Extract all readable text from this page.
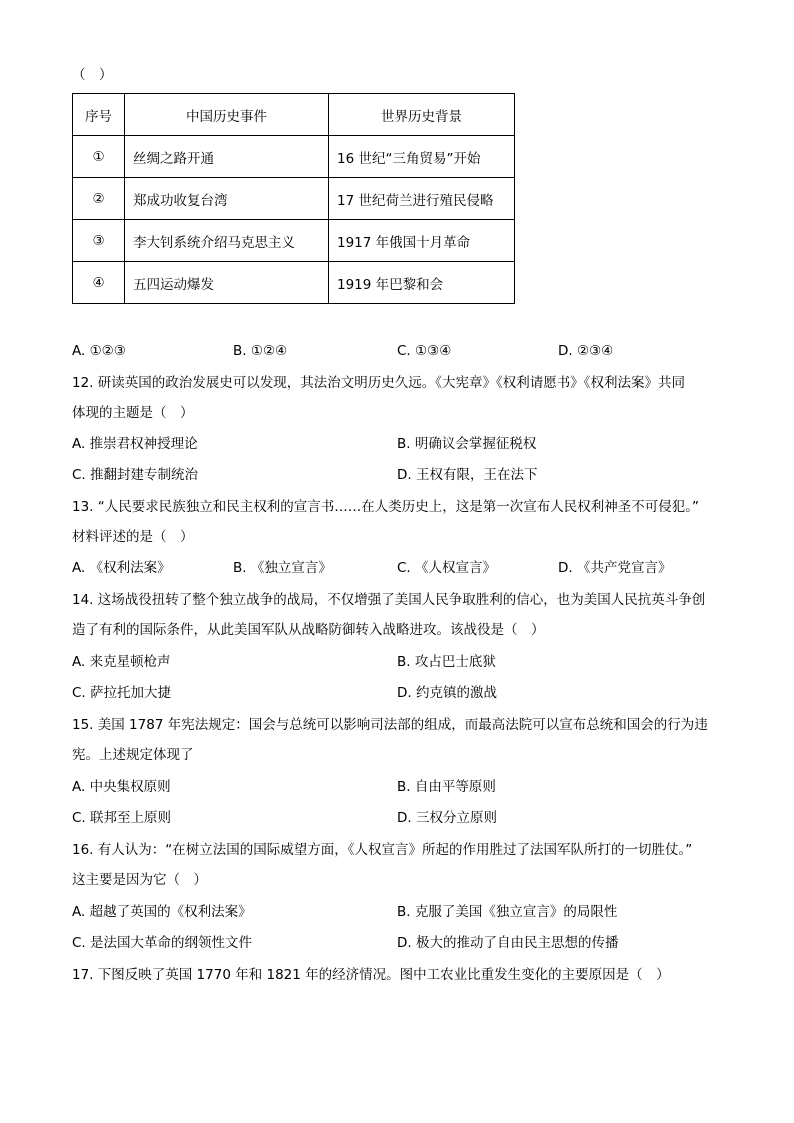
（　）
序号	中国历史事件	世界历史背景
①	丝绸之路开通	16 世纪“三角贸易”开始
②	郑成功收复台湾	17 世纪荷兰进行殖民侵略
③	李大钊系统介绍马克思主义	1917 年俄国十月革命
④	五四运动爆发	1919 年巴黎和会
A. ①②③	B. ①②④	C. ①③④	D. ②③④
12. 研读英国的政治发展史可以发现，其法治文明历史久远。《大宪章》《权利请愿书》《权利法案》共同
体现的主题是（　）
A. 推崇君权神授理论	B. 明确议会掌握征税权
C. 推翻封建专制统治	D. 王权有限，王在法下
13. “人民要求民族独立和民主权利的宣言书……在人类历史上，这是第一次宣布人民权利神圣不可侵犯。”
材料评述的是（　）
A. 《权利法案》	B. 《独立宣言》	C. 《人权宣言》	D. 《共产党宣言》
14. 这场战役扭转了整个独立战争的战局，不仅增强了美国人民争取胜利的信心，也为美国人民抗英斗争创
造了有利的国际条件，从此美国军队从战略防御转入战略进攻。该战役是（　）
A. 来克星顿枪声	B. 攻占巴士底狱
C. 萨拉托加大捷	D. 约克镇的激战
15. 美国 1787 年宪法规定：国会与总统可以影响司法部的组成，而最高法院可以宣布总统和国会的行为违
宪。上述规定体现了
A. 中央集权原则	B. 自由平等原则
C. 联邦至上原则	D. 三权分立原则
16. 有人认为：“在树立法国的国际威望方面，《人权宣言》所起的作用胜过了法国军队所打的一切胜仗。”
这主要是因为它（　）
A. 超越了英国的《权利法案》	B. 克服了美国《独立宣言》的局限性
C. 是法国大革命的纲领性文件	D. 极大的推动了自由民主思想的传播
17. 下图反映了英国 1770 年和 1821 年的经济情况。图中工农业比重发生变化的主要原因是（　）
